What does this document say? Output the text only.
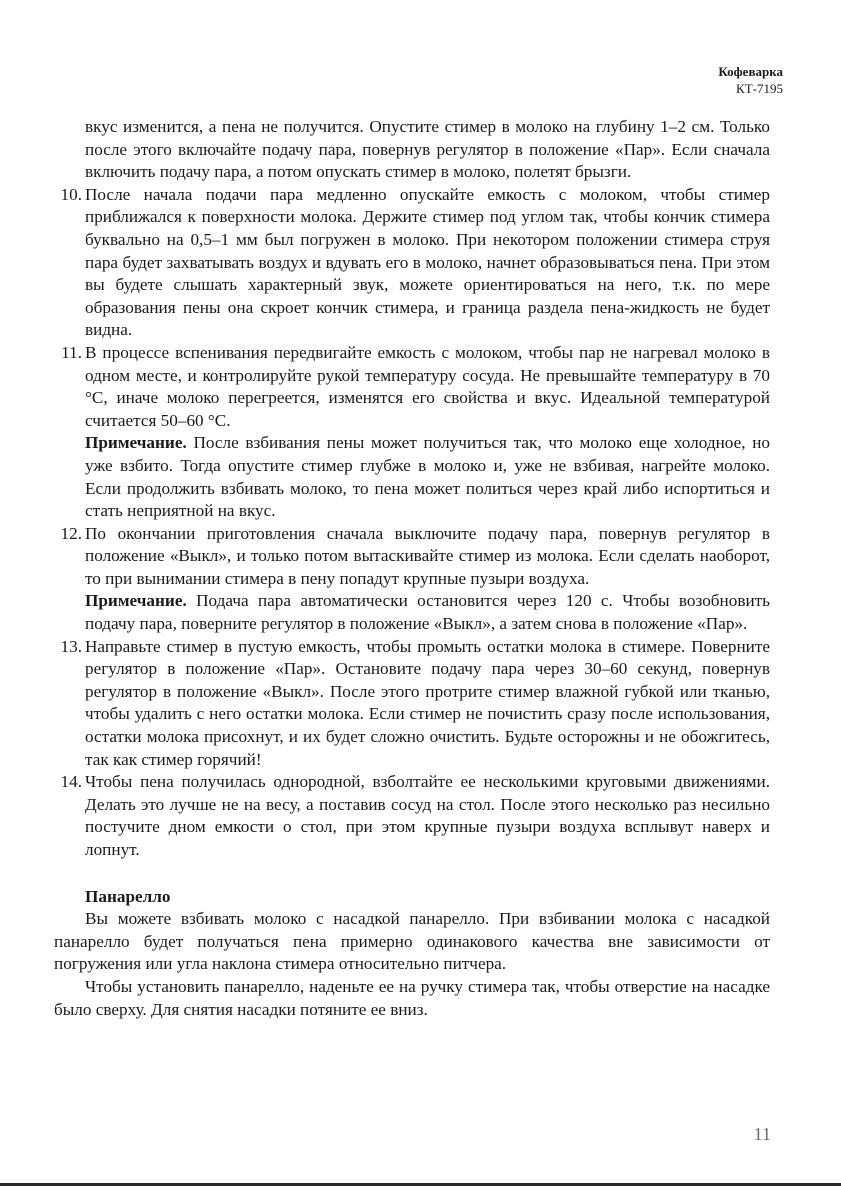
Кофеварка
КТ-7195
вкус изменится, а пена не получится. Опустите стимер в молоко на глубину 1–2 см. Только после этого включайте подачу пара, повернув регулятор в положение «Пар». Если сначала включить подачу пара, а потом опускать стимер в молоко, полетят брызги.
10. После начала подачи пара медленно опускайте емкость с молоком, чтобы стимер приближался к поверхности молока. Держите стимер под углом так, чтобы кончик стимера буквально на 0,5–1 мм был погружен в молоко. При некотором положении стимера струя пара будет захватывать воздух и вдувать его в молоко, начнет образовываться пена. При этом вы будете слышать характерный звук, можете ориентироваться на него, т.к. по мере образования пены она скроет кончик стимера, и граница раздела пена-жидкость не будет видна.
11. В процессе вспенивания передвигайте емкость с молоком, чтобы пар не нагревал молоко в одном месте, и контролируйте рукой температуру сосуда. Не превышайте температуру в 70 °С, иначе молоко перегреется, изменятся его свойства и вкус. Идеальной температурой считается 50–60 °С.
Примечание. После взбивания пены может получиться так, что молоко еще холодное, но уже взбито. Тогда опустите стимер глубже в молоко и, уже не взбивая, нагрейте молоко. Если продолжить взбивать молоко, то пена может политься через край либо испортиться и стать неприятной на вкус.
12. По окончании приготовления сначала выключите подачу пара, повернув регулятор в положение «Выкл», и только потом вытаскивайте стимер из молока. Если сделать наоборот, то при вынимании стимера в пену попадут крупные пузыри воздуха.
Примечание. Подача пара автоматически остановится через 120 с. Чтобы возобновить подачу пара, поверните регулятор в положение «Выкл», а затем снова в положение «Пар».
13. Направьте стимер в пустую емкость, чтобы промыть остатки молока в стимере. Поверните регулятор в положение «Пар». Остановите подачу пара через 30–60 секунд, повернув регулятор в положение «Выкл». После этого протрите стимер влажной губкой или тканью, чтобы удалить с него остатки молока. Если стимер не почистить сразу после использования, остатки молока присохнут, и их будет сложно очистить. Будьте осторожны и не обожгитесь, так как стимер горячий!
14. Чтобы пена получилась однородной, взболтайте ее несколькими круговыми движениями. Делать это лучше не на весу, а поставив сосуд на стол. После этого несколько раз несильно постучите дном емкости о стол, при этом крупные пузыри воздуха всплывут наверх и лопнут.
Панарелло
Вы можете взбивать молоко с насадкой панарелло. При взбивании молока с насадкой панарелло будет получаться пена примерно одинакового качества вне зависимости от погружения или угла наклона стимера относительно питчера.
Чтобы установить панарелло, наденьте ее на ручку стимера так, чтобы отверстие на насадке было сверху. Для снятия насадки потяните ее вниз.
11
